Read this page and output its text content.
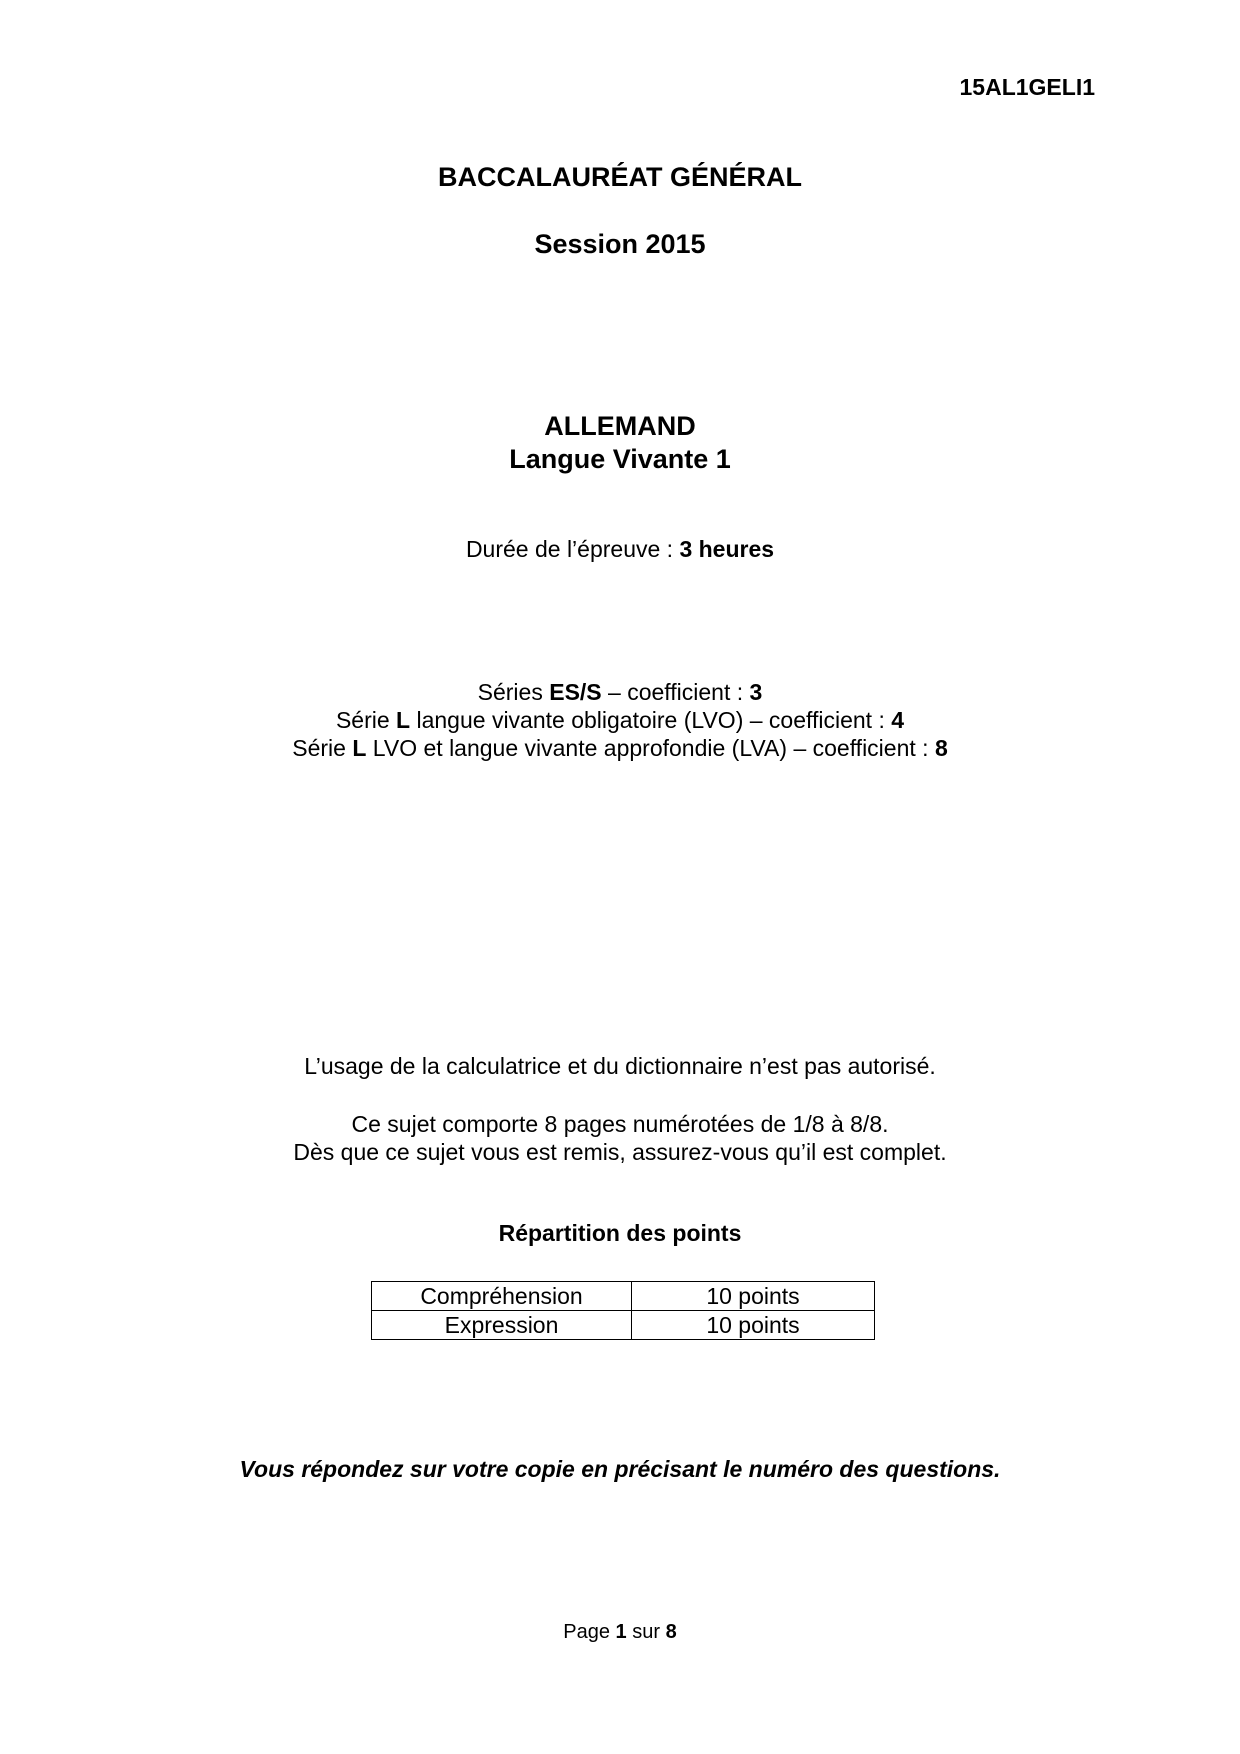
15AL1GELI1

BACCALAURÉAT GÉNÉRAL
Session 2015
ALLEMAND
Langue Vivante 1

Durée de l’épreuve : 3 heures

Séries ES/S – coefficient : 3
Série L langue vivante obligatoire (LVO) – coefficient : 4
Série L LVO et langue vivante approfondie (LVA) – coefficient : 8

L’usage de la calculatrice et du dictionnaire n’est pas autorisé.

Ce sujet comporte 8 pages numérotées de 1/8 à 8/8.
Dès que ce sujet vous est remis, assurez-vous qu’il est complet.

Répartition des points

Compréhension	10 points
Expression	10 points

Vous répondez sur votre copie en précisant le numéro des questions.

Page 1 sur 8
